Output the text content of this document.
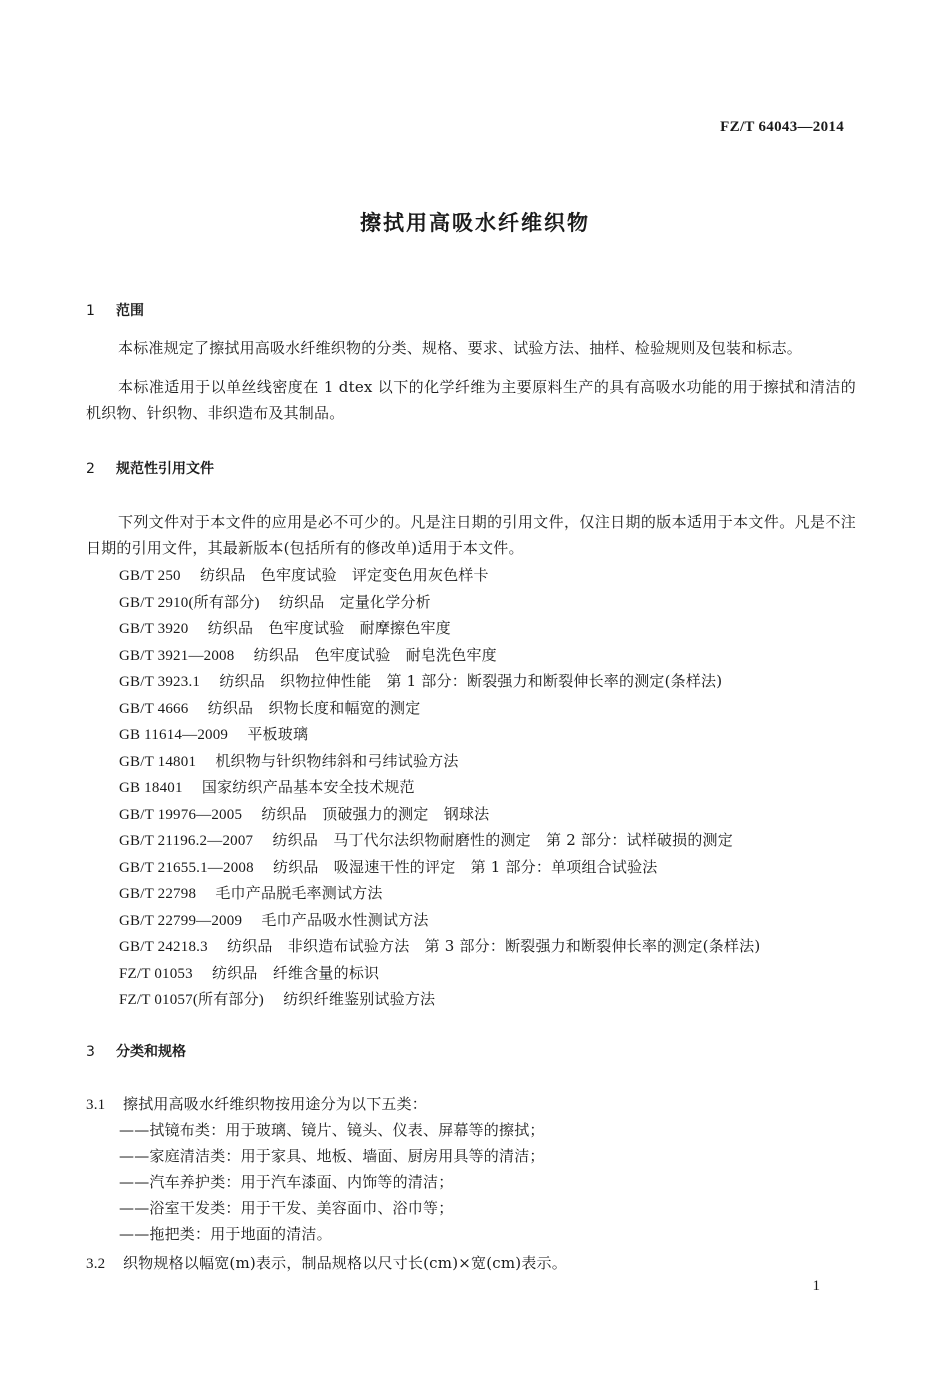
FZ/T 64043—2014
擦拭用高吸水纤维织物
1 范围

本标准规定了擦拭用高吸水纤维织物的分类、规格、要求、试验方法、抽样、检验规则及包装和标志。

本标准适用于以单丝线密度在 1 dtex 以下的化学纤维为主要原料生产的具有高吸水功能的用于擦拭和清洁的机织物、针织物、非织造布及其制品。

2 规范性引用文件

下列文件对于本文件的应用是必不可少的。凡是注日期的引用文件，仅注日期的版本适用于本文件。凡是不注日期的引用文件，其最新版本(包括所有的修改单)适用于本文件。

GB/T 250　 纺织品　色牢度试验　评定变色用灰色样卡
GB/T 2910(所有部分)　 纺织品　定量化学分析
GB/T 3920　 纺织品　色牢度试验　耐摩擦色牢度
GB/T 3921—2008　 纺织品　色牢度试验　耐皂洗色牢度
GB/T 3923.1　 纺织品　织物拉伸性能　第 1 部分：断裂强力和断裂伸长率的测定(条样法)
GB/T 4666　 纺织品　织物长度和幅宽的测定
GB 11614—2009　 平板玻璃
GB/T 14801　 机织物与针织物纬斜和弓纬试验方法
GB 18401　 国家纺织产品基本安全技术规范
GB/T 19976—2005　 纺织品　顶破强力的测定　钢球法
GB/T 21196.2—2007　 纺织品　马丁代尔法织物耐磨性的测定　第 2 部分：试样破损的测定
GB/T 21655.1—2008　 纺织品　吸湿速干性的评定　第 1 部分：单项组合试验法
GB/T 22798　 毛巾产品脱毛率测试方法
GB/T 22799—2009　 毛巾产品吸水性测试方法
GB/T 24218.3　 纺织品　非织造布试验方法　第 3 部分：断裂强力和断裂伸长率的测定(条样法)
FZ/T 01053　 纺织品　纤维含量的标识
FZ/T 01057(所有部分)　 纺织纤维鉴别试验方法
3 分类和规格
3.1 擦拭用高吸水纤维织物按用途分为以下五类：
——拭镜布类：用于玻璃、镜片、镜头、仪表、屏幕等的擦拭；
——家庭清洁类：用于家具、地板、墙面、厨房用具等的清洁；
——汽车养护类：用于汽车漆面、内饰等的清洁；
——浴室干发类：用于干发、美容面巾、浴巾等；
——拖把类：用于地面的清洁。
3.2 织物规格以幅宽(m)表示，制品规格以尺寸长(cm)×宽(cm)表示。
1
